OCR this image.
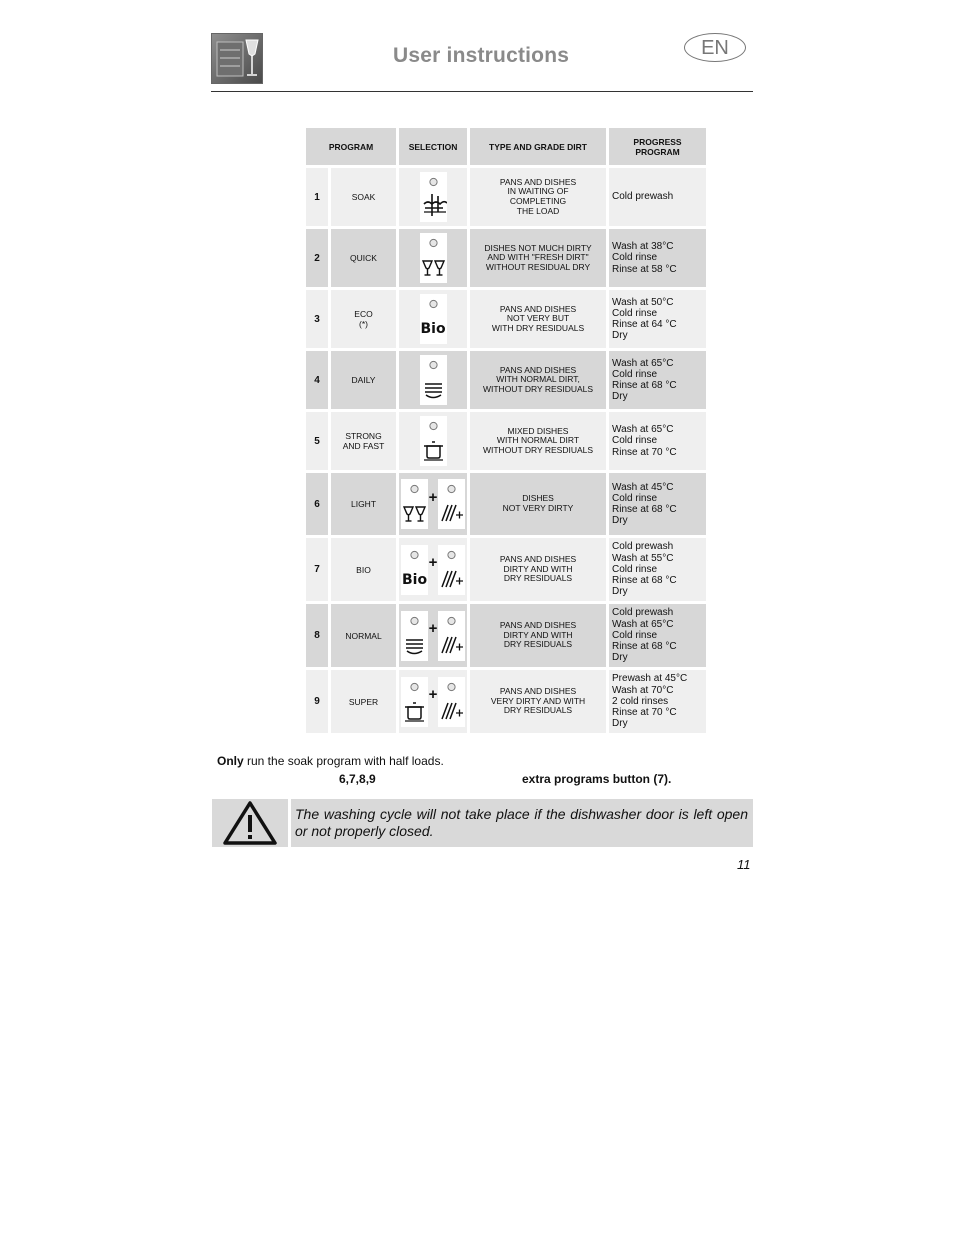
User instructions	EN
PROGRAM		SELECTION	TYPE AND GRADE DIRT	PROGRESS PROGRAM
1	SOAK		PANS AND DISHES
IN WAITING OF
COMPLETING
THE LOAD	Cold prewash

2	QUICK		DISHES NOT MUCH DIRTY
AND WITH "FRESH DIRT"
WITHOUT RESIDUAL DRY	Wash at 38°C
Cold rinse
Rinse at 58 °C

3	ECO
(*)	Bio	PANS AND DISHES
NOT VERY BUT
WITH DRY RESIDUALS	Wash at 50°C
Cold rinse
Rinse at 64 °C
Dry

4	DAILY		PANS AND DISHES
WITH NORMAL DIRT,
WITHOUT DRY RESIDUALS	Wash at 65°C
Cold rinse
Rinse at 68 °C
Dry

5	STRONG
AND FAST		MIXED DISHES
WITH NORMAL DIRT
WITHOUT DRY RESDIUALS	Wash at 65°C
Cold rinse
Rinse at 70 °C

6	LIGHT	+	DISHES
NOT VERY DIRTY	Wash at 45°C
Cold rinse
Rinse at 68 °C
Dry

7	BIO	Bio
+	PANS AND DISHES
DIRTY AND WITH
DRY RESIDUALS	Cold prewash
Wash at 55°C
Cold rinse
Rinse at 68 °C
Dry

8	NORMAL	+	PANS AND DISHES
DIRTY AND WITH
DRY RESIDUALS	Cold prewash
Wash at 65°C
Cold rinse
Rinse at 68 °C
Dry

9	SUPER	+	PANS AND DISHES
VERY DIRTY AND WITH
DRY RESIDUALS	Prewash at 45°C
Wash at 70°C
2 cold rinses
Rinse at 70 °C
Dry
Only run the soak program with half loads.
6,7,8,9	extra programs button (7).
The washing cycle will not take place if the dishwasher door is left open or not properly closed.
11
